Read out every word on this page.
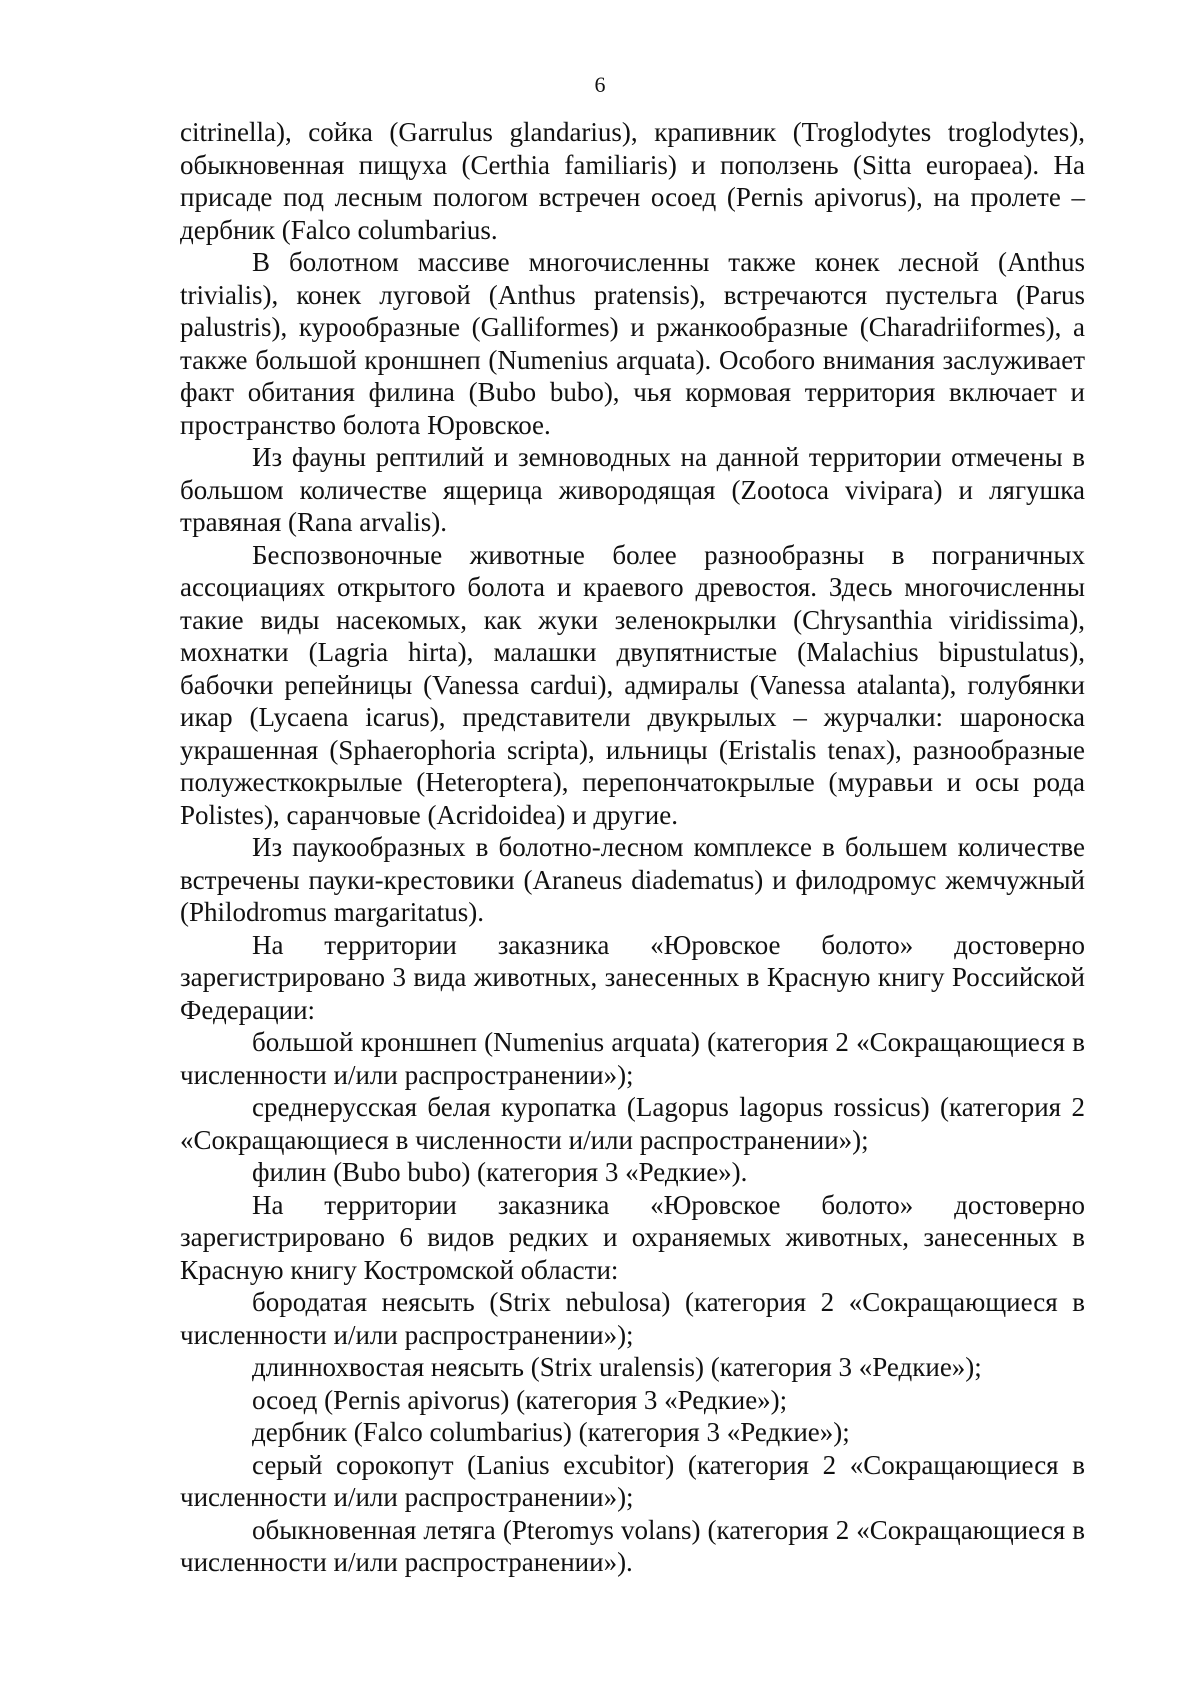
6

citrinella), сойка (Garrulus glandarius), крапивник (Troglodytes troglodytes), обыкновенная пищуха (Certhia familiaris) и поползень (Sitta europaea). На присаде под лесным пологом встречен осоед (Pernis apivorus), на пролете – дербник (Falco columbarius.

В болотном массиве многочисленны также конек лесной (Anthus trivialis), конек луговой (Anthus pratensis), встречаются пустельга (Parus palustris), курообразные (Galliformes) и ржанкообразные (Charadriiformes), а также большой кроншнеп (Numenius arquata). Особого внимания заслуживает факт обитания филина (Bubo bubo), чья кормовая территория включает и пространство болота Юровское.

Из фауны рептилий и земноводных на данной территории отмечены в большом количестве ящерица живородящая (Zootoca vivipara) и лягушка травяная (Rana arvalis).

Беспозвоночные животные более разнообразны в пограничных ассоциациях открытого болота и краевого древостоя. Здесь многочисленны такие виды насекомых, как жуки зеленокрылки (Chrysanthia viridissima), мохнатки (Lagria hirta), малашки двупятнистые (Malachius bipustulatus), бабочки репейницы (Vanessa cardui), адмиралы (Vanessa atalanta), голубянки икар (Lycaena icarus), представители двукрылых – журчалки: шароноска украшенная (Sphaerophoria scripta), ильницы (Eristalis tenax), разнообразные полужесткокрылые (Heteroptera), перепончатокрылые (муравьи и осы рода Polistes), саранчовые (Acridoidea) и другие.

Из паукообразных в болотно-лесном комплексе в большем количестве встречены пауки-крестовики (Araneus diadematus) и филодромус жемчужный (Philodromus margaritatus).

На территории заказника «Юровское болото» достоверно зарегистрировано 3 вида животных, занесенных в Красную книгу Российской Федерации:

большой кроншнеп (Numenius arquata) (категория 2 «Сокращающиеся в численности и/или распространении»);

среднерусская белая куропатка (Lagopus lagopus rossicus) (категория 2 «Сокращающиеся в численности и/или распространении»);

филин (Bubo bubo) (категория 3 «Редкие»).

На территории заказника «Юровское болото» достоверно зарегистрировано 6 видов редких и охраняемых животных, занесенных в Красную книгу Костромской области:

бородатая неясыть (Strix nebulosa) (категория 2 «Сокращающиеся в численности и/или распространении»);

длиннохвостая неясыть (Strix uralensis) (категория 3 «Редкие»);

осоед (Pernis apivorus) (категория 3 «Редкие»);

дербник (Falco columbarius) (категория 3 «Редкие»);

серый сорокопут (Lanius excubitor) (категория 2 «Сокращающиеся в численности и/или распространении»);

обыкновенная летяга (Pteromys volans) (категория 2 «Сокращающиеся в численности и/или распространении»).
